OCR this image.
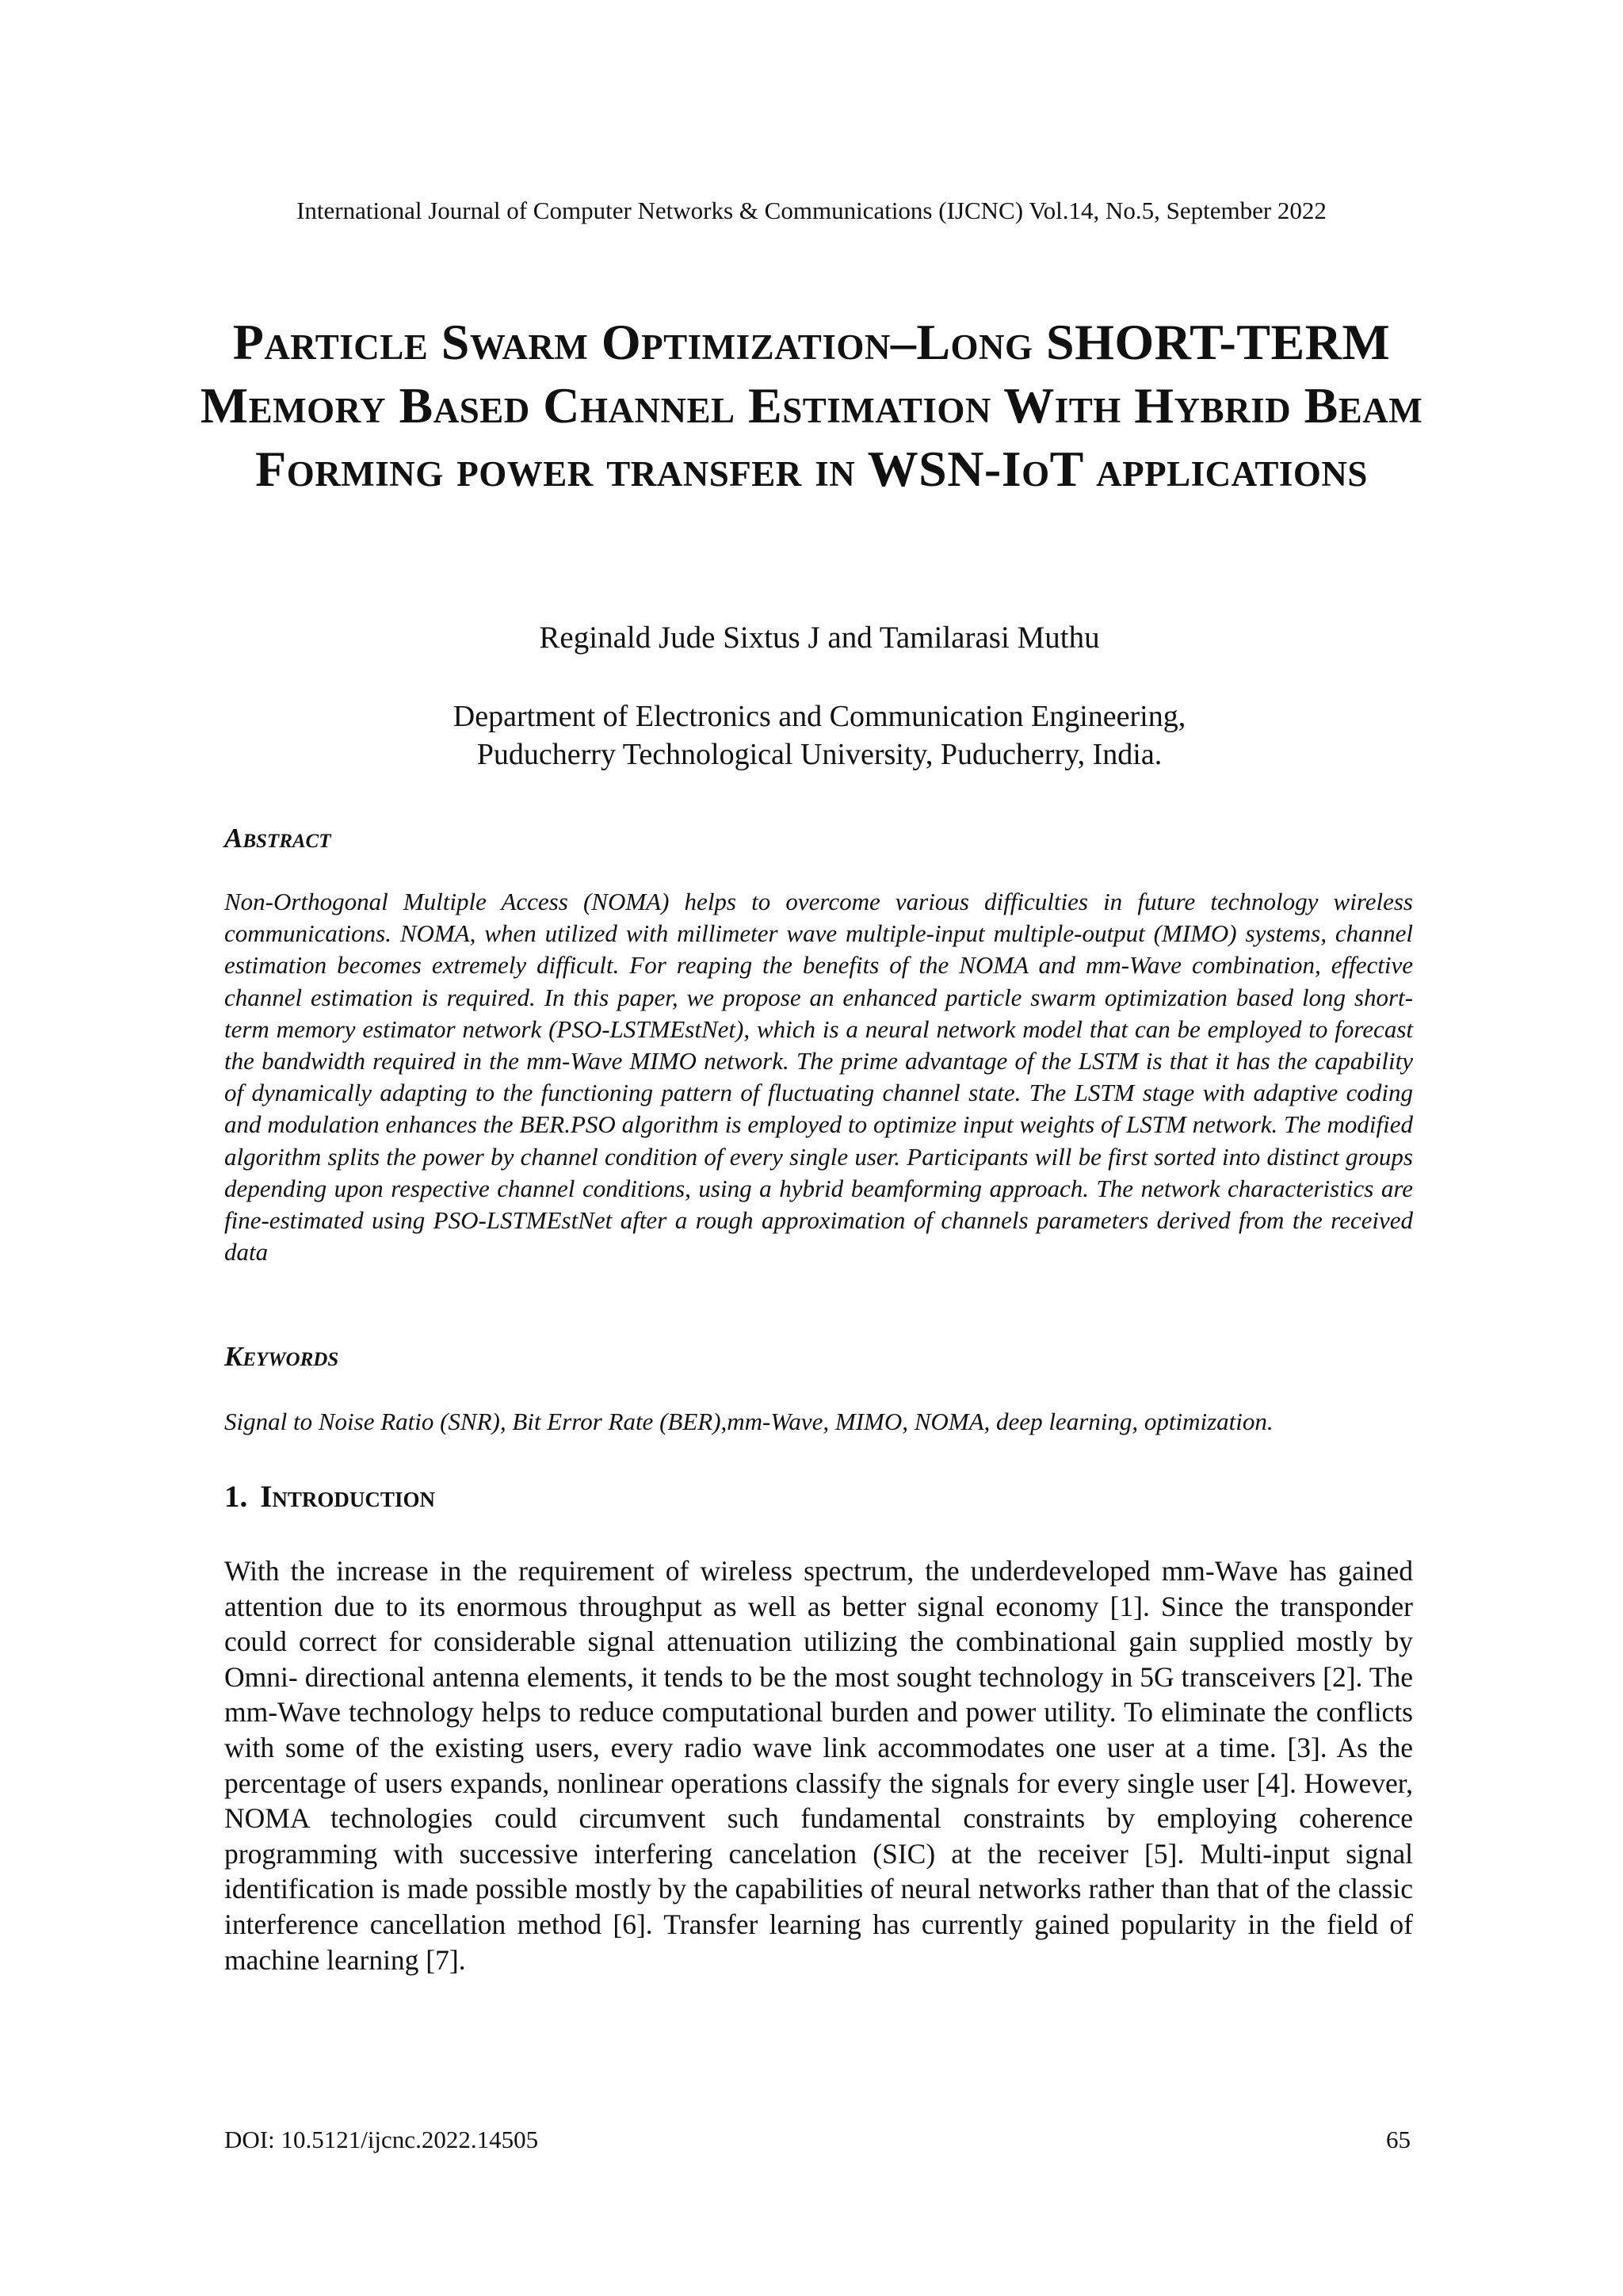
International Journal of Computer Networks & Communications (IJCNC) Vol.14, No.5, September 2022
Particle Swarm Optimization–Long SHORT-TERM Memory Based Channel Estimation With Hybrid Beam Forming power transfer in WSN-IoT applications
Reginald Jude Sixtus J and Tamilarasi Muthu
Department of Electronics and Communication Engineering,
Puducherry Technological University, Puducherry, India.
Abstract

Non-Orthogonal Multiple Access (NOMA) helps to overcome various difficulties in future technology wireless communications. NOMA, when utilized with millimeter wave multiple-input multiple-output (MIMO) systems, channel estimation becomes extremely difficult. For reaping the benefits of the NOMA and mm-Wave combination, effective channel estimation is required. In this paper, we propose an enhanced particle swarm optimization based long short-term memory estimator network (PSO-LSTMEstNet), which is a neural network model that can be employed to forecast the bandwidth required in the mm-Wave MIMO network. The prime advantage of the LSTM is that it has the capability of dynamically adapting to the functioning pattern of fluctuating channel state. The LSTM stage with adaptive coding and modulation enhances the BER.PSO algorithm is employed to optimize input weights of LSTM network. The modified algorithm splits the power by channel condition of every single user. Participants will be first sorted into distinct groups depending upon respective channel conditions, using a hybrid beamforming approach. The network characteristics are fine-estimated using PSO-LSTMEstNet after a rough approximation of channels parameters derived from the received data

Keywords

Signal to Noise Ratio (SNR), Bit Error Rate (BER),mm-Wave, MIMO, NOMA, deep learning, optimization.

1. Introduction

With the increase in the requirement of wireless spectrum, the underdeveloped mm-Wave has gained attention due to its enormous throughput as well as better signal economy [1]. Since the transponder could correct for considerable signal attenuation utilizing the combinational gain supplied mostly by Omni- directional antenna elements, it tends to be the most sought technology in 5G transceivers [2]. The mm-Wave technology helps to reduce computational burden and power utility. To eliminate the conflicts with some of the existing users, every radio wave link accommodates one user at a time. [3]. As the percentage of users expands, nonlinear operations classify the signals for every single user [4]. However, NOMA technologies could circumvent such fundamental constraints by employing coherence programming with successive interfering cancelation (SIC) at the receiver [5]. Multi-input signal identification is made possible mostly by the capabilities of neural networks rather than that of the classic interference cancellation method [6]. Transfer learning has currently gained popularity in the field of machine learning [7].

DOI: 10.5121/ijcnc.2022.14505	65
